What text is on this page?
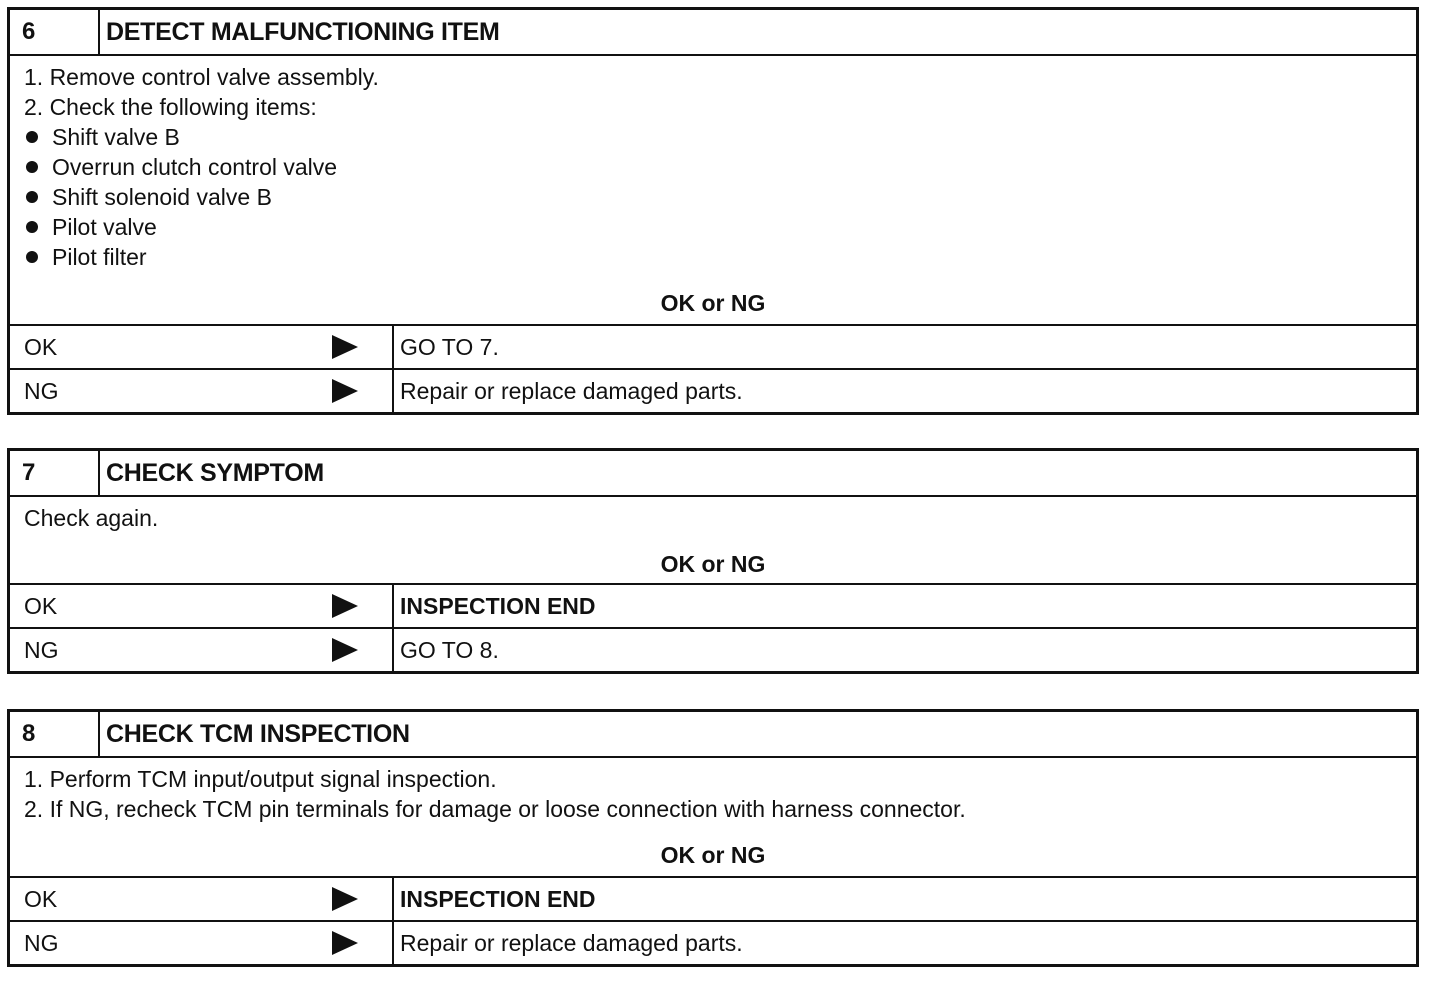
6	DETECT MALFUNCTIONING ITEM
1. Remove control valve assembly.
2. Check the following items:
Shift valve B
Overrun clutch control valve
Shift solenoid valve B
Pilot valve
Pilot filter
OK or NG
OK	GO TO 7.
NG	Repair or replace damaged parts.
7	CHECK SYMPTOM
Check again.
OK or NG
OK	INSPECTION END
NG	GO TO 8.
8	CHECK TCM INSPECTION
1. Perform TCM input/output signal inspection.
2. If NG, recheck TCM pin terminals for damage or loose connection with harness connector.
OK or NG
OK	INSPECTION END
NG	Repair or replace damaged parts.
